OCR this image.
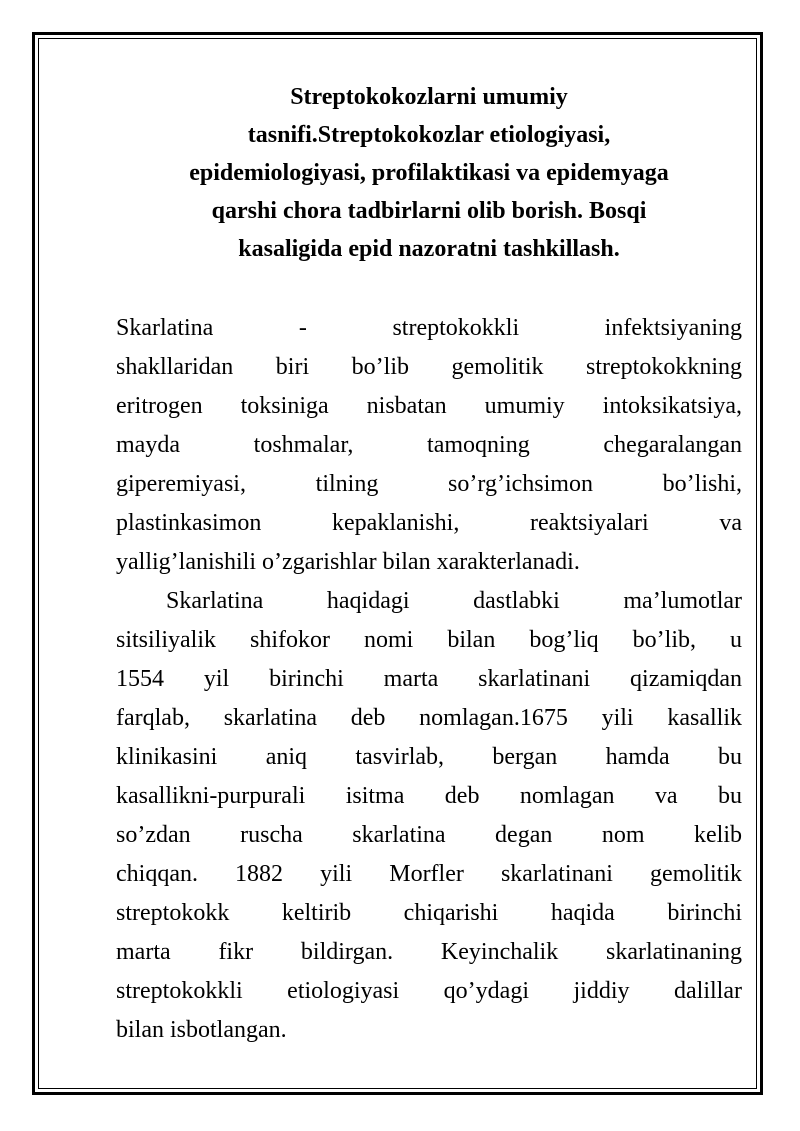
Streptokokozlarni umumiy
tasnifi.Streptokokozlar etiologiyasi,
epidemiologiyasi, profilaktikasi va epidemyaga
qarshi chora tadbirlarni olib borish. Bosqi
kasaligida epid nazoratni tashkillash.
Skarlatina - streptokokkli infektsiyaning
shakllaridan biri bo’lib gemolitik streptokokkning
eritrogen toksiniga nisbatan umumiy intoksikatsiya,
mayda toshmalar, tamoqning chegaralangan
giperemiyasi, tilning so’rg’ichsimon bo’lishi,
plastinkasimon kepaklanishi, reaktsiyalari va
yallig’lanishili o’zgarishlar bilan xarakterlanadi.
Skarlatina haqidagi dastlabki ma’lumotlar
sitsiliyalik shifokor nomi bilan bog’liq bo’lib, u
1554 yil birinchi marta skarlatinani qizamiqdan
farqlab, skarlatina deb nomlagan.1675 yili kasallik
klinikasini aniq tasvirlab, bergan hamda bu
kasallikni-purpurali isitma deb nomlagan va bu
so’zdan ruscha skarlatina degan nom kelib
chiqqan. 1882 yili Morfler skarlatinani gemolitik
streptokokk keltirib chiqarishi haqida birinchi
marta fikr bildirgan. Keyinchalik skarlatinaning
streptokokkli etiologiyasi qo’ydagi jiddiy dalillar
bilan isbotlangan.
